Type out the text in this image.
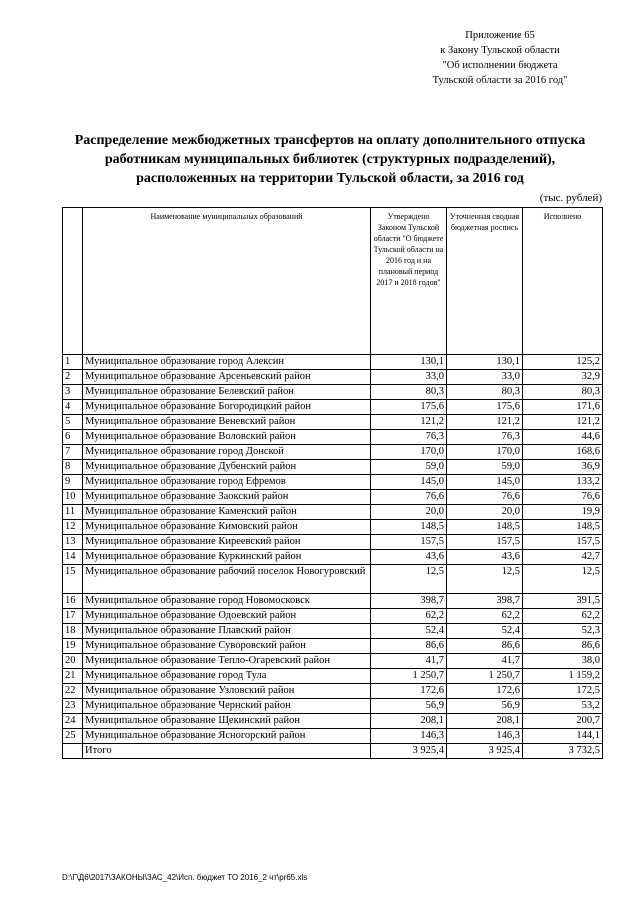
Приложение 65
к Закону Тульской области
"Об исполнении бюджета
Тульской области за 2016 год"
Распределение межбюджетных трансфертов на оплату дополнительного отпуска
работникам муниципальных библиотек (структурных подразделений),
расположенных на территории Тульской области, за 2016 год
(тыс. рублей)
	Наименование муниципальных образований	Утверждено Законом Тульской области "О бюджете Тульской области на 2016 год и на плановый период 2017 и 2018 годов"	Уточненная сводная бюджетная роспись	Исполнено
1	Муниципальное образование город Алексин	130,1	130,1	125,2
2	Муниципальное образование Арсеньевский район	33,0	33,0	32,9
3	Муниципальное образование Белевский район	80,3	80,3	80,3
4	Муниципальное образование Богородицкий район	175,6	175,6	171,6
5	Муниципальное образование Веневский район	121,2	121,2	121,2
6	Муниципальное образование Воловский район	76,3	76,3	44,6
7	Муниципальное образование город Донской	170,0	170,0	168,6
8	Муниципальное образование Дубенский район	59,0	59,0	36,9
9	Муниципальное образование город Ефремов	145,0	145,0	133,2
10	Муниципальное образование Заокский район	76,6	76,6	76,6
11	Муниципальное образование Каменский район	20,0	20,0	19,9
12	Муниципальное образование Кимовский район	148,5	148,5	148,5
13	Муниципальное образование Киреевский район	157,5	157,5	157,5
14	Муниципальное образование Куркинский район	43,6	43,6	42,7
15	Муниципальное образование рабочий поселок Новогуровский	12,5	12,5	12,5
16	Муниципальное образование город Новомосковск	398,7	398,7	391,5
17	Муниципальное образование Одоевский район	62,2	62,2	62,2
18	Муниципальное образование Плавский район	52,4	52,4	52,3
19	Муниципальное образование Суворовский район	86,6	86,6	86,6
20	Муниципальное образование Тепло-Огаревский район	41,7	41,7	38,0
21	Муниципальное образование город Тула	1 250,7	1 250,7	1 159,2
22	Муниципальное образование Узловский район	172,6	172,6	172,5
23	Муниципальное образование Чернский район	56,9	56,9	53,2
24	Муниципальное образование Щекинский район	208,1	208,1	200,7
25	Муниципальное образование Ясногорский район	146,3	146,3	144,1
	Итого	3 925,4	3 925,4	3 732,5
D:\Г\Д6\2017\ЗАКОНЫ\ЗАС_42\Исп. бюджет ТО 2016_2 чт\pr65.xls
